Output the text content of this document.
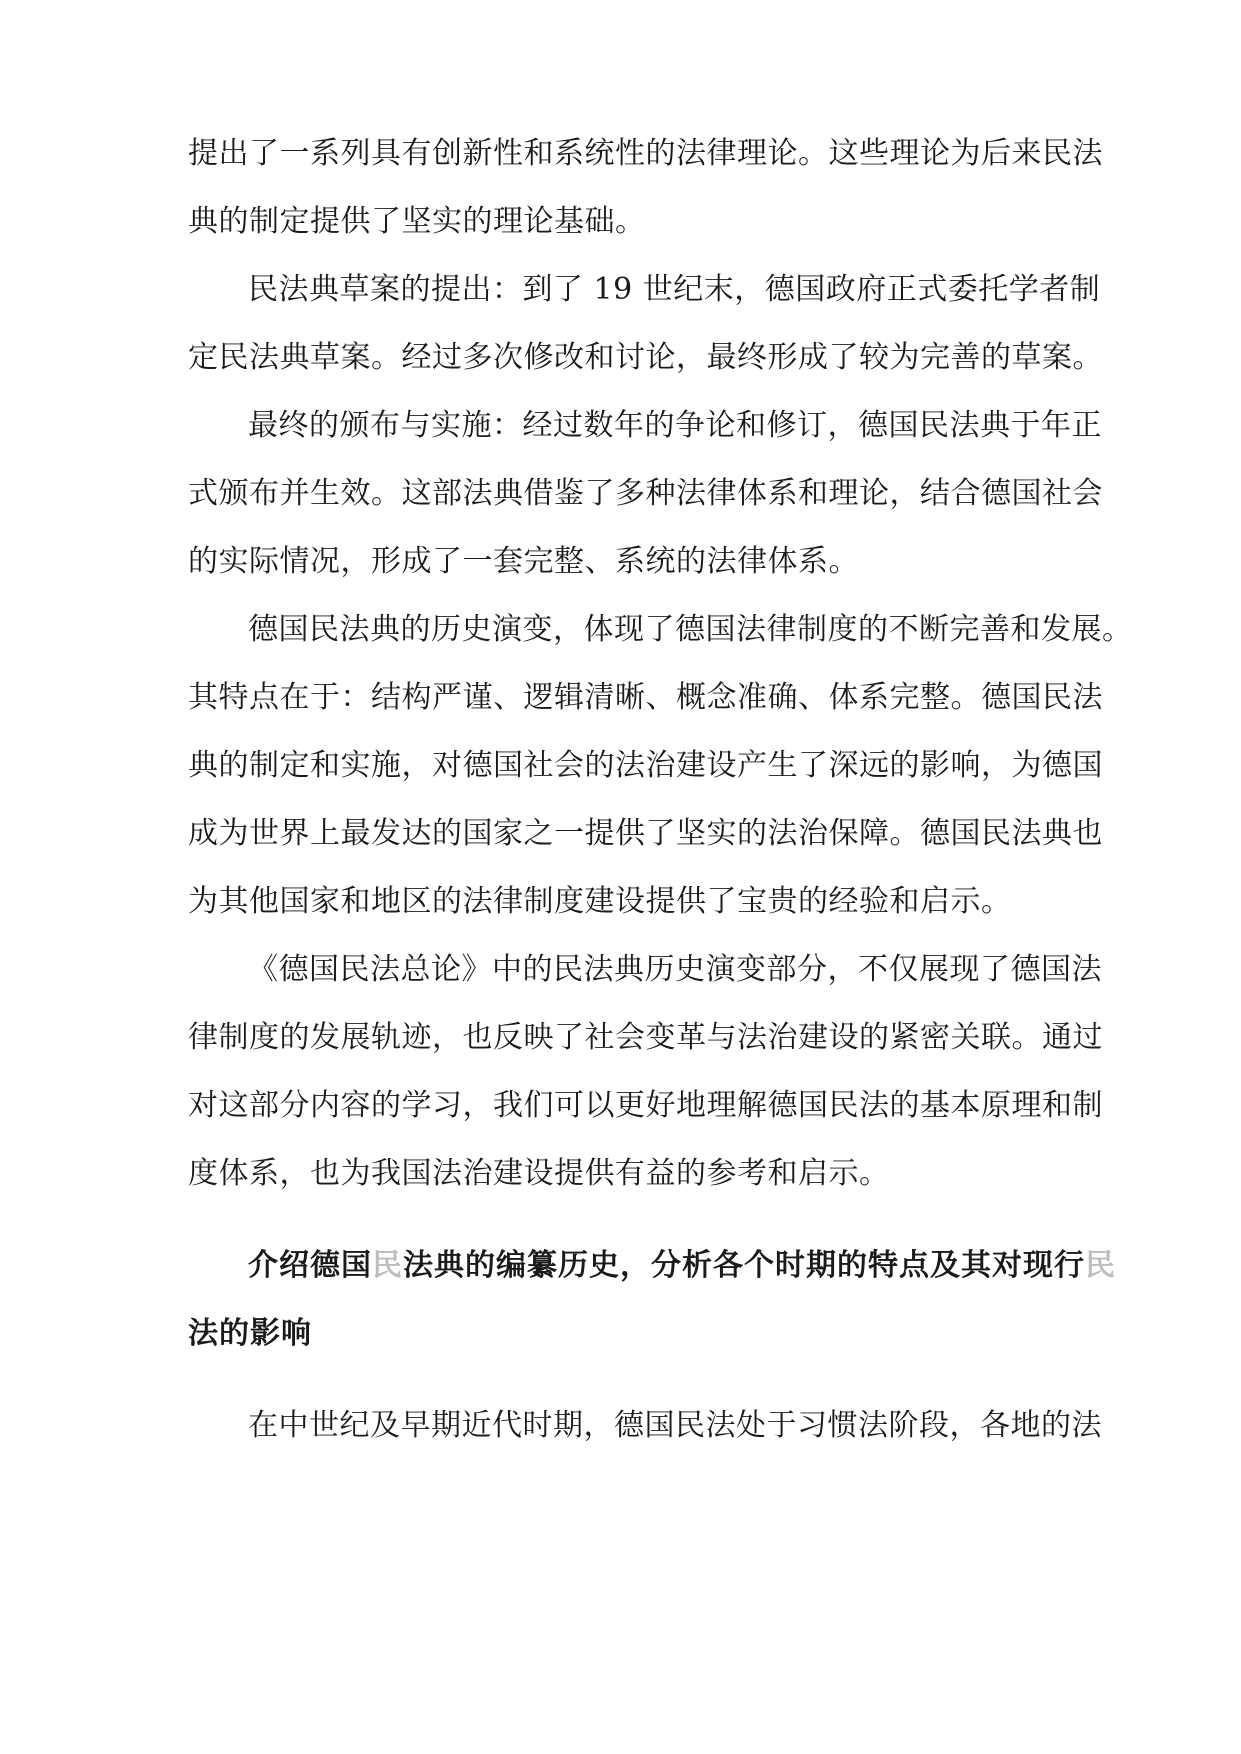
提出了一系列具有创新性和系统性的法律理论。这些理论为后来民法
典的制定提供了坚实的理论基础。
民法典草案的提出：到了 19 世纪末，德国政府正式委托学者制
定民法典草案。经过多次修改和讨论，最终形成了较为完善的草案。
最终的颁布与实施：经过数年的争论和修订，德国民法典于年正
式颁布并生效。这部法典借鉴了多种法律体系和理论，结合德国社会
的实际情况，形成了一套完整、系统的法律体系。
德国民法典的历史演变，体现了德国法律制度的不断完善和发展。
其特点在于：结构严谨、逻辑清晰、概念准确、体系完整。德国民法
典的制定和实施，对德国社会的法治建设产生了深远的影响，为德国
成为世界上最发达的国家之一提供了坚实的法治保障。德国民法典也
为其他国家和地区的法律制度建设提供了宝贵的经验和启示。
《德国民法总论》中的民法典历史演变部分，不仅展现了德国法
律制度的发展轨迹，也反映了社会变革与法治建设的紧密关联。通过
对这部分内容的学习，我们可以更好地理解德国民法的基本原理和制
度体系，也为我国法治建设提供有益的参考和启示。
介绍德国民法典的编纂历史，分析各个时期的特点及其对现行民
法的影响
在中世纪及早期近代时期，德国民法处于习惯法阶段，各地的法
